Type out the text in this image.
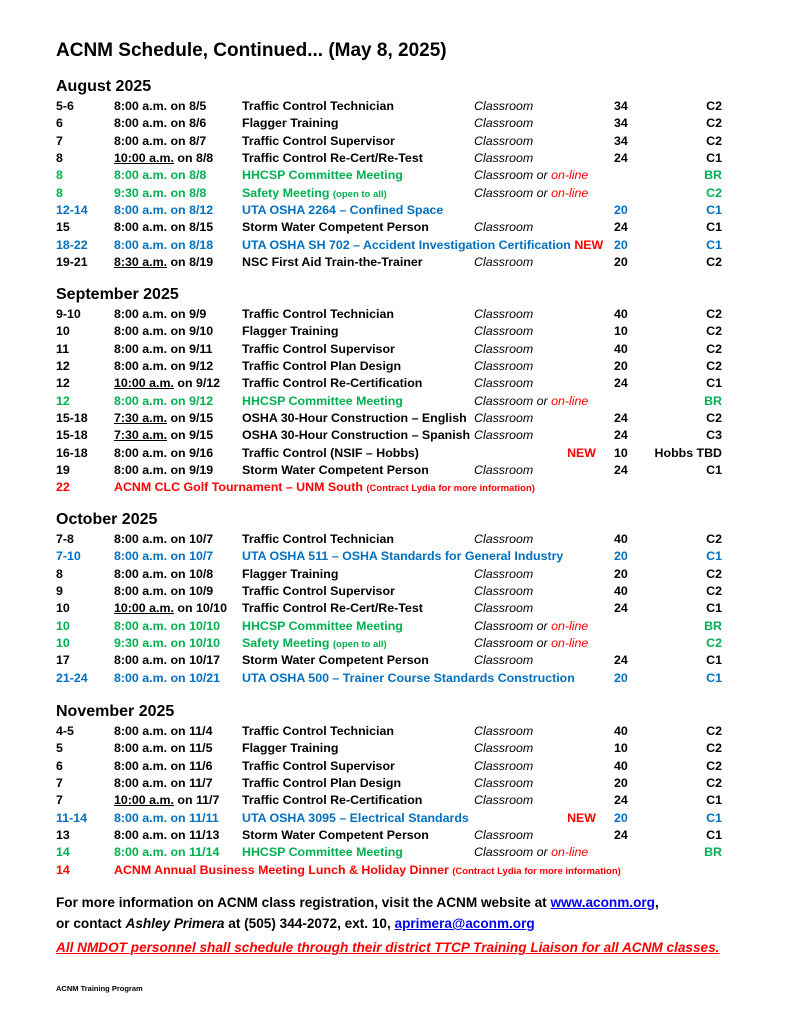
ACNM Schedule, Continued... (May 8, 2025)
August 2025
5-6	8:00 a.m. on 8/5	Traffic Control Technician	Classroom	34	C2
6	8:00 a.m. on 8/6	Flagger Training	Classroom	34	C2
7	8:00 a.m. on 8/7	Traffic Control Supervisor	Classroom	34	C2
8	10:00 a.m. on 8/8 Traffic Control Re-Cert/Re-Test	Classroom	24	C1
8	8:00 a.m. on 8/8	HHCSP Committee Meeting	Classroom or on-line	BR
8	9:30 a.m. on 8/8	Safety Meeting (open to all)	Classroom or on-line	C2
12-14 8:00 a.m. on 8/12 UTA OSHA 2264 – Confined Space	20	C1
15	8:00 a.m. on 8/15 Storm Water Competent Person	Classroom	24	C1
18-22 8:00 a.m. on 8/18 UTA OSHA SH 702 – Accident Investigation Certification NEW 20	C1
19-21 8:30 a.m. on 8/19 NSC First Aid Train-the-Trainer	Classroom	20	C2
September 2025
9-10	8:00 a.m. on 9/9	Traffic Control Technician	Classroom	40	C2
10	8:00 a.m. on 9/10 Flagger Training	Classroom	10	C2
11	8:00 a.m. on 9/11 Traffic Control Supervisor	Classroom	40	C2
12	8:00 a.m. on 9/12 Traffic Control Plan Design	Classroom	20	C2
12	10:00 a.m. on 9/12 Traffic Control Re-Certification	Classroom	24	C1
12	8:00 a.m. on 9/12 HHCSP Committee Meeting	Classroom or on-line	BR
15-18 7:30 a.m. on 9/15 OSHA 30-Hour Construction – English Classroom	24	C2
15-18 7:30 a.m. on 9/15 OSHA 30-Hour Construction – Spanish Classroom	24	C3
16-18 8:00 a.m. on 9/16 Traffic Control (NSIF – Hobbs)	NEW 10 Hobbs TBD
19	8:00 a.m. on 9/19 Storm Water Competent Person	Classroom	24	C1
22	ACNM CLC Golf Tournament – UNM South (Contract Lydia for more information)
October 2025
7-8	8:00 a.m. on 10/7 Traffic Control Technician	Classroom	40	C2
7-10	8:00 a.m. on 10/7 UTA OSHA 511 – OSHA Standards for General Industry	20	C1
8	8:00 a.m. on 10/8 Flagger Training	Classroom	20	C2
9	8:00 a.m. on 10/9 Traffic Control Supervisor	Classroom	40	C2
10	10:00 a.m. on 10/10 Traffic Control Re-Cert/Re-Test	Classroom	24	C1
10	8:00 a.m. on 10/10 HHCSP Committee Meeting	Classroom or on-line	BR
10	9:30 a.m. on 10/10 Safety Meeting (open to all)	Classroom or on-line	C2
17	8:00 a.m. on 10/17 Storm Water Competent Person	Classroom	24	C1
21-24 8:00 a.m. on 10/21 UTA OSHA 500 – Trainer Course Standards Construction	20	C1
November 2025
4-5	8:00 a.m. on 11/4 Traffic Control Technician	Classroom	40	C2
5	8:00 a.m. on 11/5 Flagger Training	Classroom	10	C2
6	8:00 a.m. on 11/6 Traffic Control Supervisor	Classroom	40	C2
7	8:00 a.m. on 11/7 Traffic Control Plan Design	Classroom	20	C2
7	10:00 a.m. on 11/7 Traffic Control Re-Certification	Classroom	24	C1
11-14 8:00 a.m. on 11/11 UTA OSHA 3095 – Electrical Standards	NEW 20	C1
13	8:00 a.m. on 11/13 Storm Water Competent Person	Classroom	24	C1
14	8:00 a.m. on 11/14 HHCSP Committee Meeting	Classroom or on-line	BR
14	ACNM Annual Business Meeting Lunch & Holiday Dinner (Contract Lydia for more information)
For more information on ACNM class registration, visit the ACNM website at www.aconm.org,
or contact Ashley Primera at (505) 344-2072, ext. 10, aprimera@aconm.org
All NMDOT personnel shall schedule through their district TTCP Training Liaison for all ACNM classes.
ACNM Training Program
